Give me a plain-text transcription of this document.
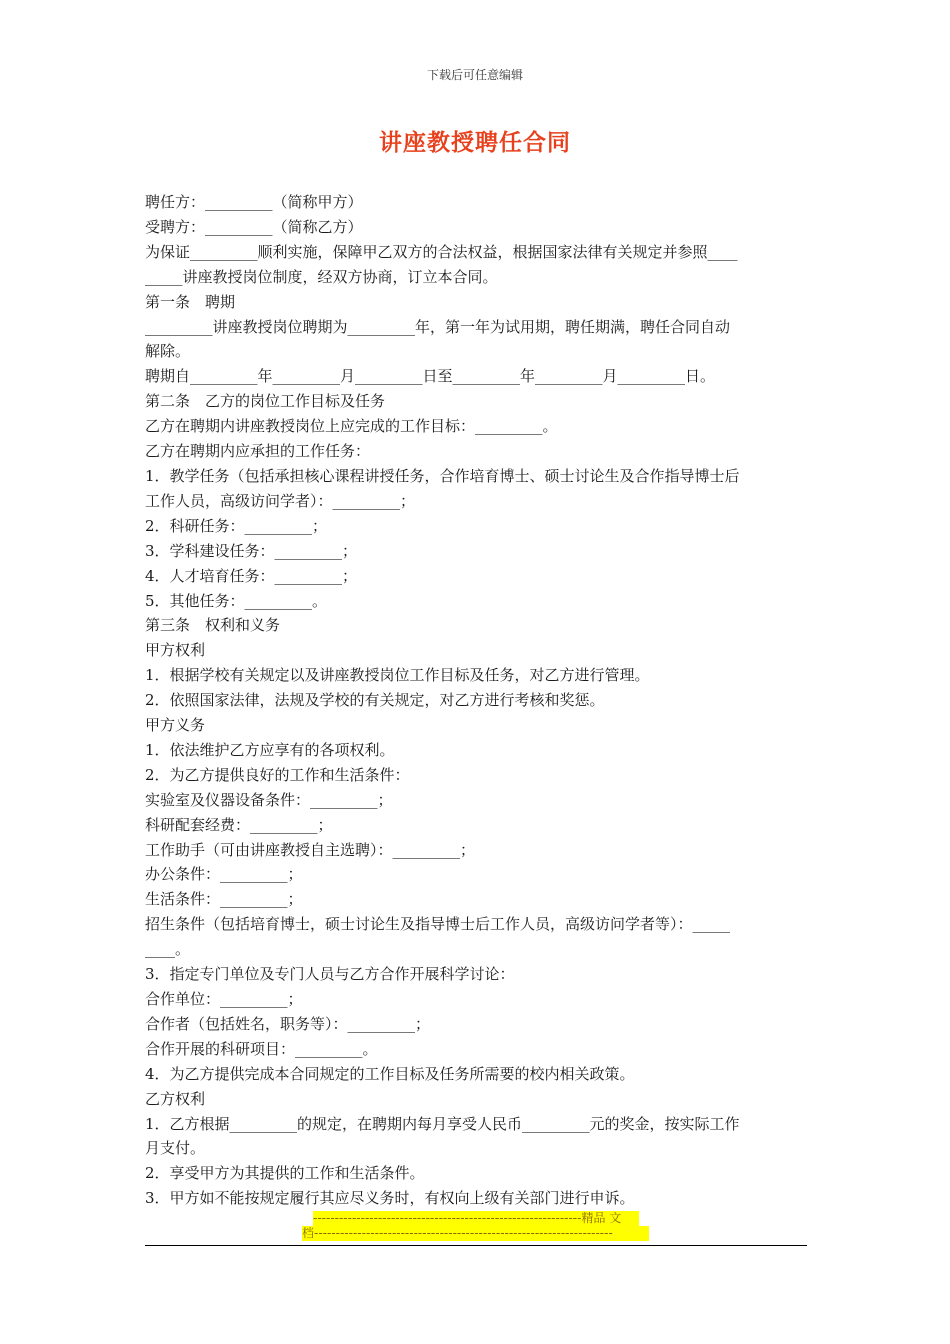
下载后可任意编辑
讲座教授聘任合同
聘任方：_________（简称甲方）
受聘方：_________（简称乙方）
为保证_________顺利实施，保障甲乙双方的合法权益，根据国家法律有关规定并参照____
_____讲座教授岗位制度，经双方协商，订立本合同。
第一条　聘期
_________讲座教授岗位聘期为_________年，第一年为试用期，聘任期满，聘任合同自动
解除。
聘期自_________年_________月_________日至_________年_________月_________日。
第二条　乙方的岗位工作目标及任务
乙方在聘期内讲座教授岗位上应完成的工作目标：_________。
乙方在聘期内应承担的工作任务：
1．教学任务（包括承担核心课程讲授任务，合作培育博士、硕士讨论生及合作指导博士后
工作人员，高级访问学者）：_________；
2．科研任务：_________；
3．学科建设任务：_________；
4．人才培育任务：_________；
5．其他任务：_________。
第三条　权利和义务
甲方权利
1．根据学校有关规定以及讲座教授岗位工作目标及任务，对乙方进行管理。
2．依照国家法律，法规及学校的有关规定，对乙方进行考核和奖惩。
甲方义务
1．依法维护乙方应享有的各项权利。
2．为乙方提供良好的工作和生活条件：
实验室及仪器设备条件：_________；
科研配套经费：_________；
工作助手（可由讲座教授自主选聘）：_________；
办公条件：_________；
生活条件：_________；
招生条件（包括培育博士，硕士讨论生及指导博士后工作人员，高级访问学者等）：_____
____。
3．指定专门单位及专门人员与乙方合作开展科学讨论：
合作单位：_________；
合作者（包括姓名，职务等）：_________；
合作开展的科研项目：_________。
4．为乙方提供完成本合同规定的工作目标及任务所需要的校内相关政策。
乙方权利
1．乙方根据_________的规定，在聘期内每月享受人民币_________元的奖金，按实际工作
月支付。
2．享受甲方为其提供的工作和生活条件。
3．甲方如不能按规定履行其应尽义务时，有权向上级有关部门进行申诉。
--------------------------------------------------------------精品 文
档---------------------------------------------------------------------
